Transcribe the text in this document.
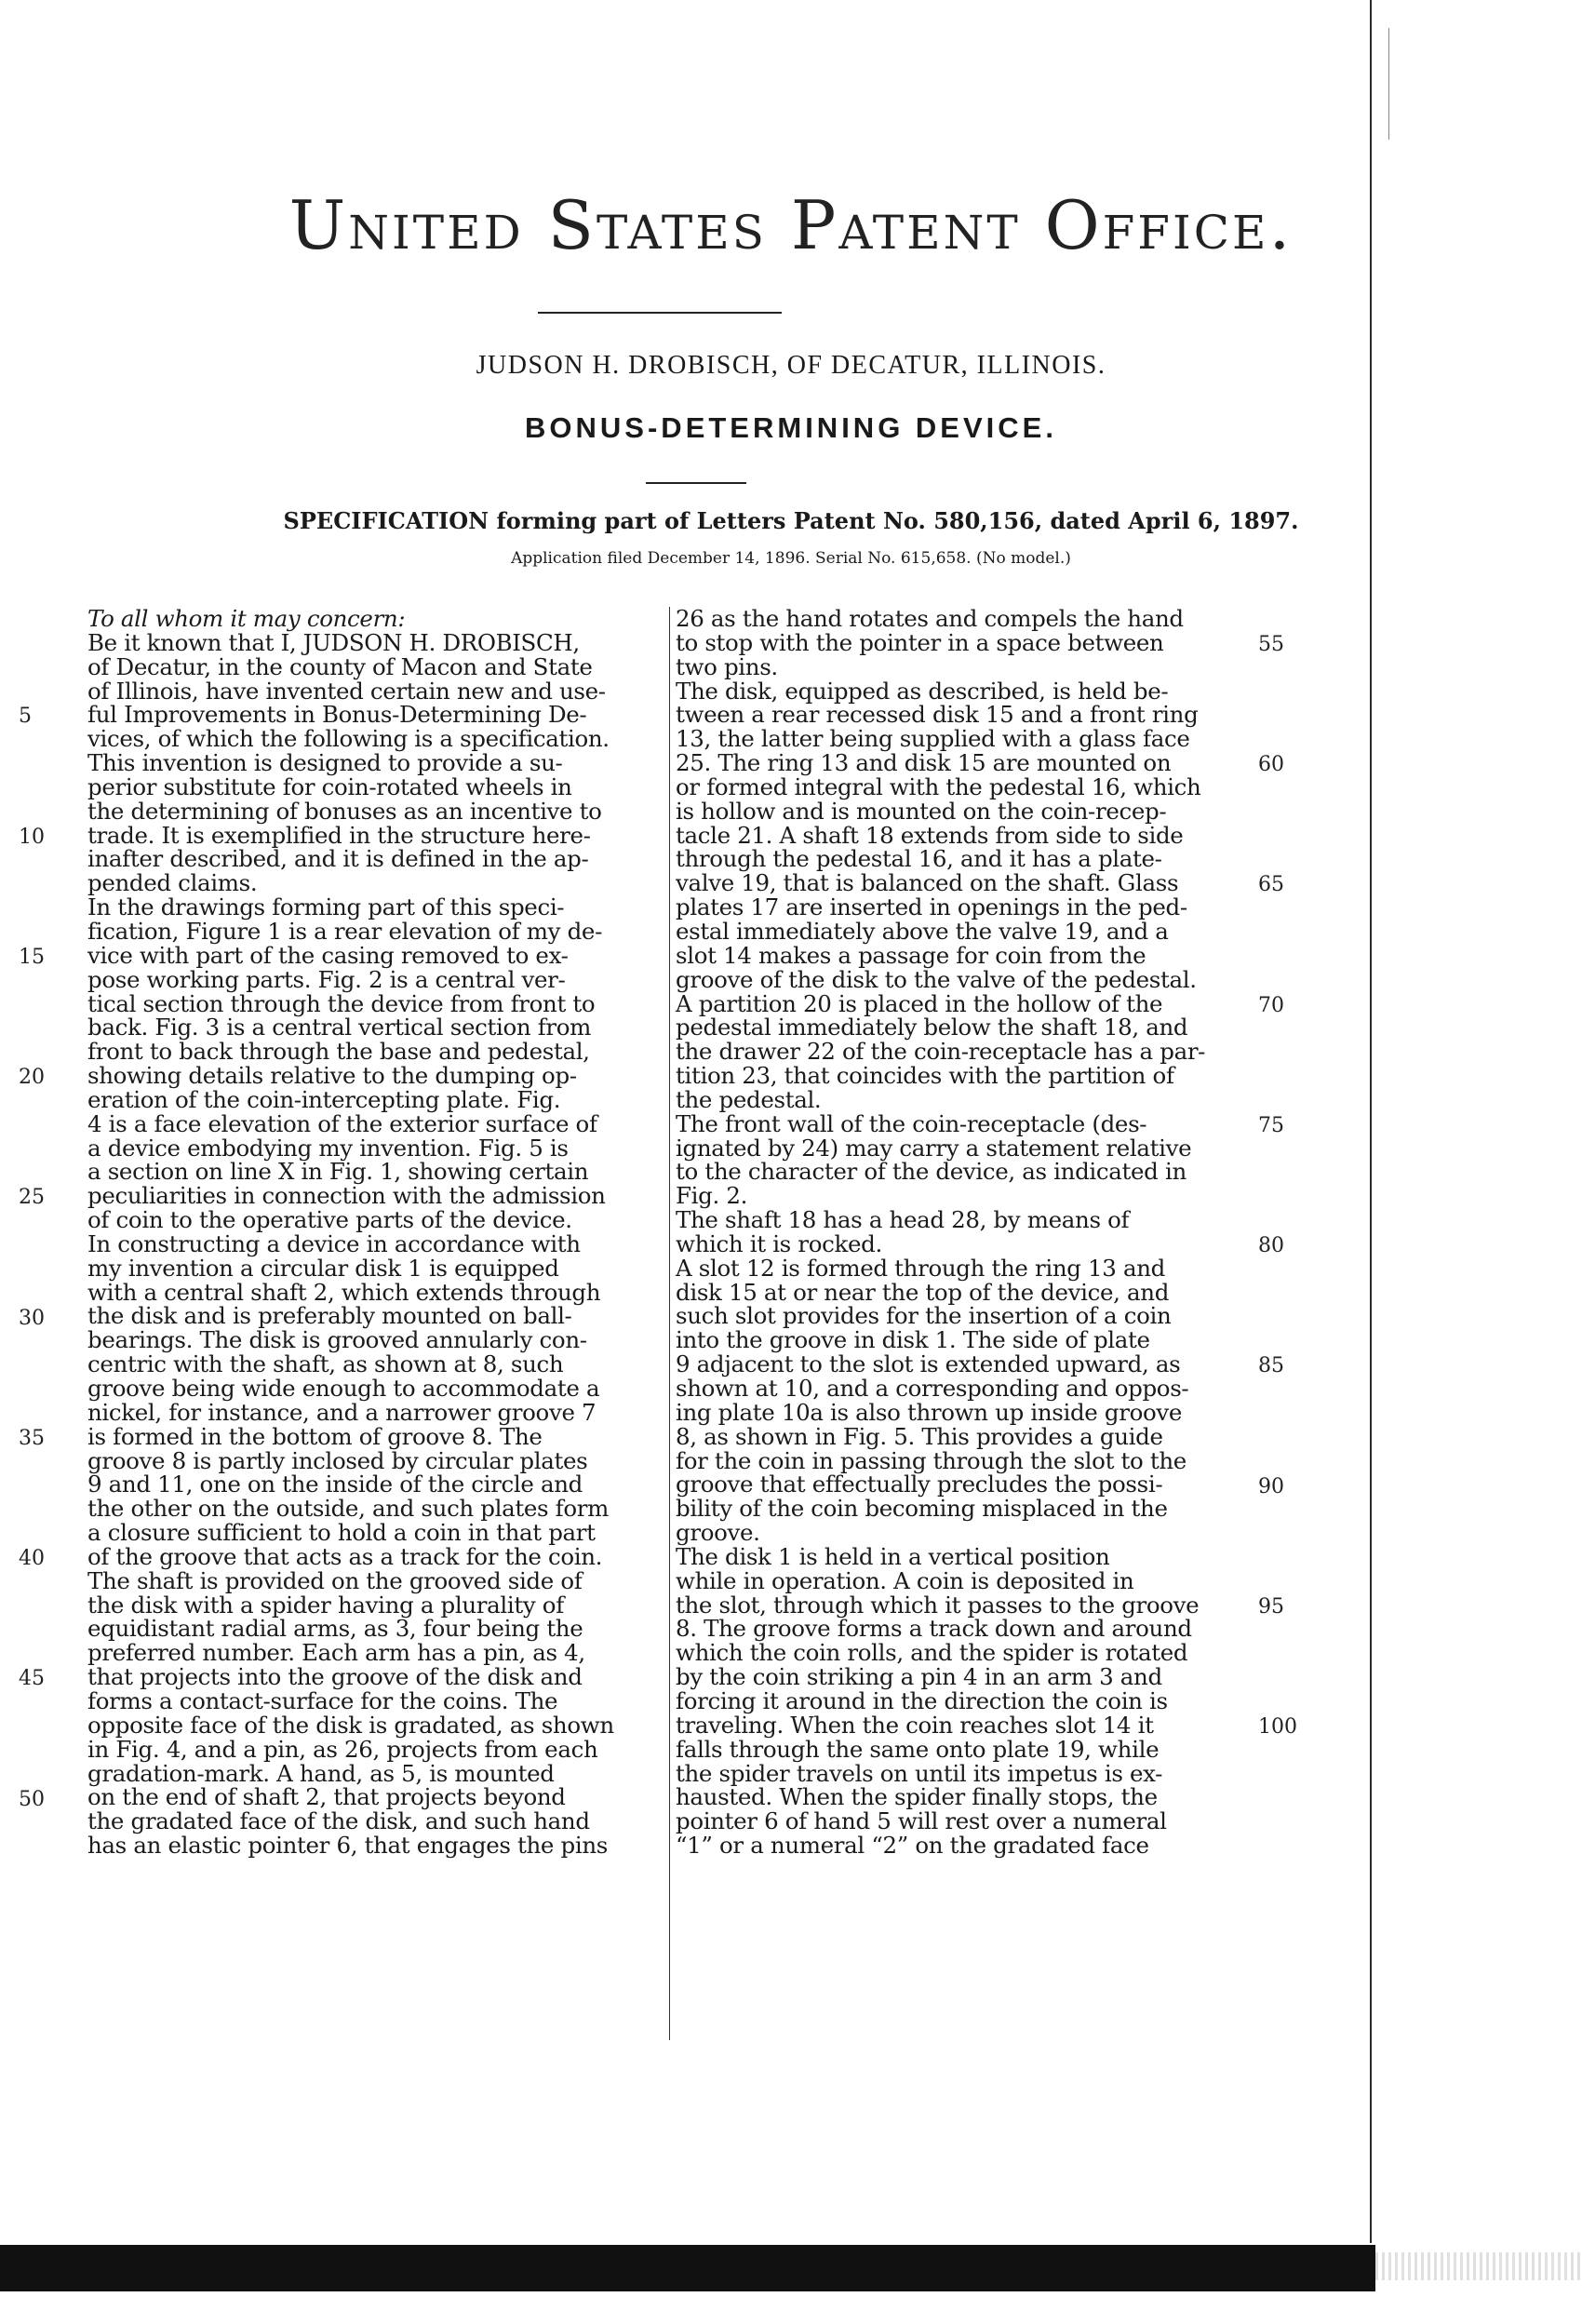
United States Patent Office.
JUDSON H. DROBISCH, OF DECATUR, ILLINOIS.
BONUS-DETERMINING DEVICE.
SPECIFICATION forming part of Letters Patent No. 580,156, dated April 6, 1897.
Application filed December 14, 1896. Serial No. 615,658. (No model.)
To all whom it may concern:
Be it known that I, JUDSON H. DROBISCH,
of Decatur, in the county of Macon and State
of Illinois, have invented certain new and use-
ful Improvements in Bonus-Determining De-
vices, of which the following is a specification.
This invention is designed to provide a su-
perior substitute for coin-rotated wheels in
the determining of bonuses as an incentive to
trade. It is exemplified in the structure here-
inafter described, and it is defined in the ap-
pended claims.
In the drawings forming part of this speci-
fication, Figure 1 is a rear elevation of my de-
vice with part of the casing removed to ex-
pose working parts. Fig. 2 is a central ver-
tical section through the device from front to
back. Fig. 3 is a central vertical section from
front to back through the base and pedestal,
showing details relative to the dumping op-
eration of the coin-intercepting plate. Fig.
4 is a face elevation of the exterior surface of
a device embodying my invention. Fig. 5 is
a section on line X in Fig. 1, showing certain
peculiarities in connection with the admission
of coin to the operative parts of the device.
In constructing a device in accordance with
my invention a circular disk 1 is equipped
with a central shaft 2, which extends through
the disk and is preferably mounted on ball-
bearings. The disk is grooved annularly con-
centric with the shaft, as shown at 8, such
groove being wide enough to accommodate a
nickel, for instance, and a narrower groove 7
is formed in the bottom of groove 8. The
groove 8 is partly inclosed by circular plates
9 and 11, one on the inside of the circle and
the other on the outside, and such plates form
a closure sufficient to hold a coin in that part
of the groove that acts as a track for the coin.
The shaft is provided on the grooved side of
the disk with a spider having a plurality of
equidistant radial arms, as 3, four being the
preferred number. Each arm has a pin, as 4,
that projects into the groove of the disk and
forms a contact-surface for the coins. The
opposite face of the disk is gradated, as shown
in Fig. 4, and a pin, as 26, projects from each
gradation-mark. A hand, as 5, is mounted
on the end of shaft 2, that projects beyond
the gradated face of the disk, and such hand
has an elastic pointer 6, that engages the pins
26 as the hand rotates and compels the hand
to stop with the pointer in a space between
two pins.
The disk, equipped as described, is held be-
tween a rear recessed disk 15 and a front ring
13, the latter being supplied with a glass face
25. The ring 13 and disk 15 are mounted on
or formed integral with the pedestal 16, which
is hollow and is mounted on the coin-recep-
tacle 21. A shaft 18 extends from side to side
through the pedestal 16, and it has a plate-
valve 19, that is balanced on the shaft. Glass
plates 17 are inserted in openings in the ped-
estal immediately above the valve 19, and a
slot 14 makes a passage for coin from the
groove of the disk to the valve of the pedestal.
A partition 20 is placed in the hollow of the
pedestal immediately below the shaft 18, and
the drawer 22 of the coin-receptacle has a par-
tition 23, that coincides with the partition of
the pedestal.
The front wall of the coin-receptacle (des-
ignated by 24) may carry a statement relative
to the character of the device, as indicated in
Fig. 2.
The shaft 18 has a head 28, by means of
which it is rocked.
A slot 12 is formed through the ring 13 and
disk 15 at or near the top of the device, and
such slot provides for the insertion of a coin
into the groove in disk 1. The side of plate
9 adjacent to the slot is extended upward, as
shown at 10, and a corresponding and oppos-
ing plate 10a is also thrown up inside groove
8, as shown in Fig. 5. This provides a guide
for the coin in passing through the slot to the
groove that effectually precludes the possi-
bility of the coin becoming misplaced in the
groove.
The disk 1 is held in a vertical position
while in operation. A coin is deposited in
the slot, through which it passes to the groove
8. The groove forms a track down and around
which the coin rolls, and the spider is rotated
by the coin striking a pin 4 in an arm 3 and
forcing it around in the direction the coin is
traveling. When the coin reaches slot 14 it
falls through the same onto plate 19, while
the spider travels on until its impetus is ex-
hausted. When the spider finally stops, the
pointer 6 of hand 5 will rest over a numeral
“1” or a numeral “2” on the gradated face
5
10
15
20
25
30
35
40
45
50
55
60
65
70
75
80
85
90
95
100
